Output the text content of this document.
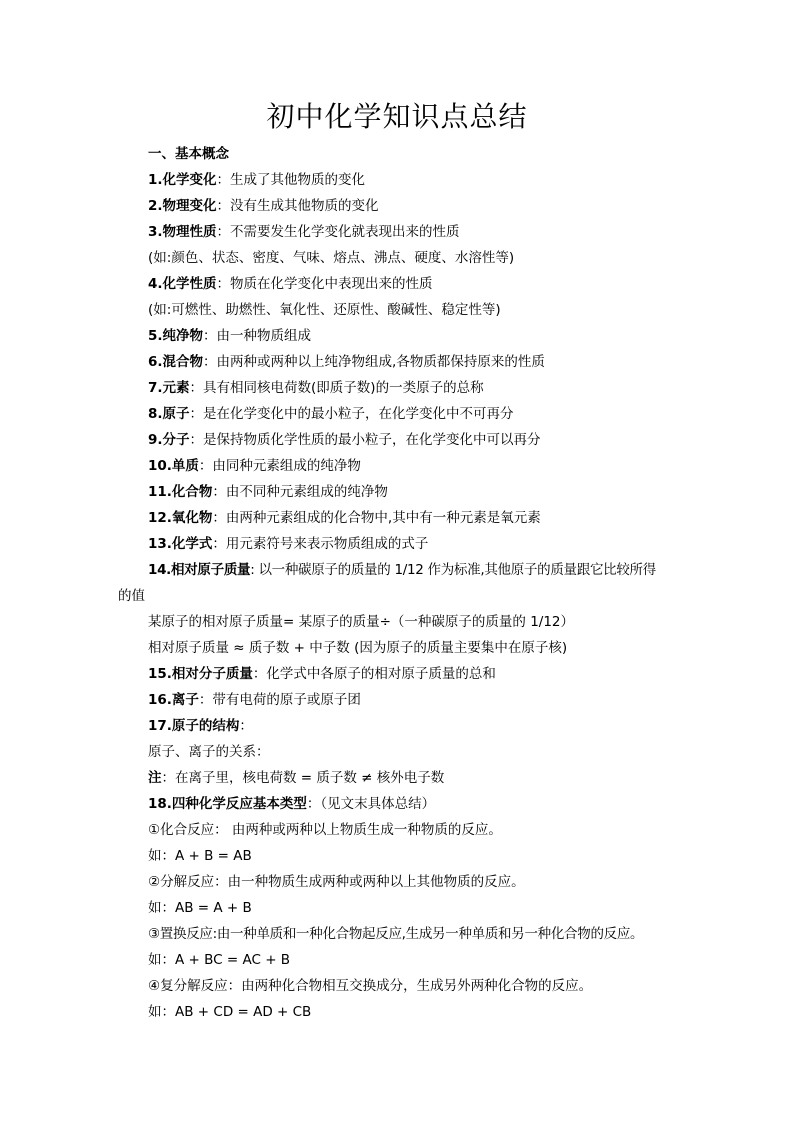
初中化学知识点总结
一、基本概念
1.化学变化：生成了其他物质的变化
2.物理变化：没有生成其他物质的变化
3.物理性质：不需要发生化学变化就表现出来的性质
(如:颜色、状态、密度、气味、熔点、沸点、硬度、水溶性等)
4.化学性质：物质在化学变化中表现出来的性质
(如:可燃性、助燃性、氧化性、还原性、酸碱性、稳定性等)
5.纯净物：由一种物质组成
6.混合物：由两种或两种以上纯净物组成,各物质都保持原来的性质
7.元素：具有相同核电荷数(即质子数)的一类原子的总称
8.原子：是在化学变化中的最小粒子，在化学变化中不可再分
9.分子：是保持物质化学性质的最小粒子，在化学变化中可以再分
10.单质：由同种元素组成的纯净物
11.化合物：由不同种元素组成的纯净物
12.氧化物：由两种元素组成的化合物中,其中有一种元素是氧元素
13.化学式：用元素符号来表示物质组成的式子
14.相对原子质量: 以一种碳原子的质量的 1/12 作为标准,其他原子的质量跟它比较所得
的值
某原子的相对原子质量= 某原子的质量÷（一种碳原子的质量的 1/12）
相对原子质量 ≈ 质子数 + 中子数 (因为原子的质量主要集中在原子核)
15.相对分子质量：化学式中各原子的相对原子质量的总和
16.离子：带有电荷的原子或原子团
17.原子的结构：
原子、离子的关系：
注：在离子里，核电荷数 = 质子数 ≠ 核外电子数
18.四种化学反应基本类型：（见文末具体总结）
①化合反应： 由两种或两种以上物质生成一种物质的反应。
如：A + B = AB
②分解反应：由一种物质生成两种或两种以上其他物质的反应。
如：AB = A + B
③置换反应:由一种单质和一种化合物起反应,生成另一种单质和另一种化合物的反应。
如：A + BC = AC + B
④复分解反应：由两种化合物相互交换成分，生成另外两种化合物的反应。
如：AB + CD = AD + CB
